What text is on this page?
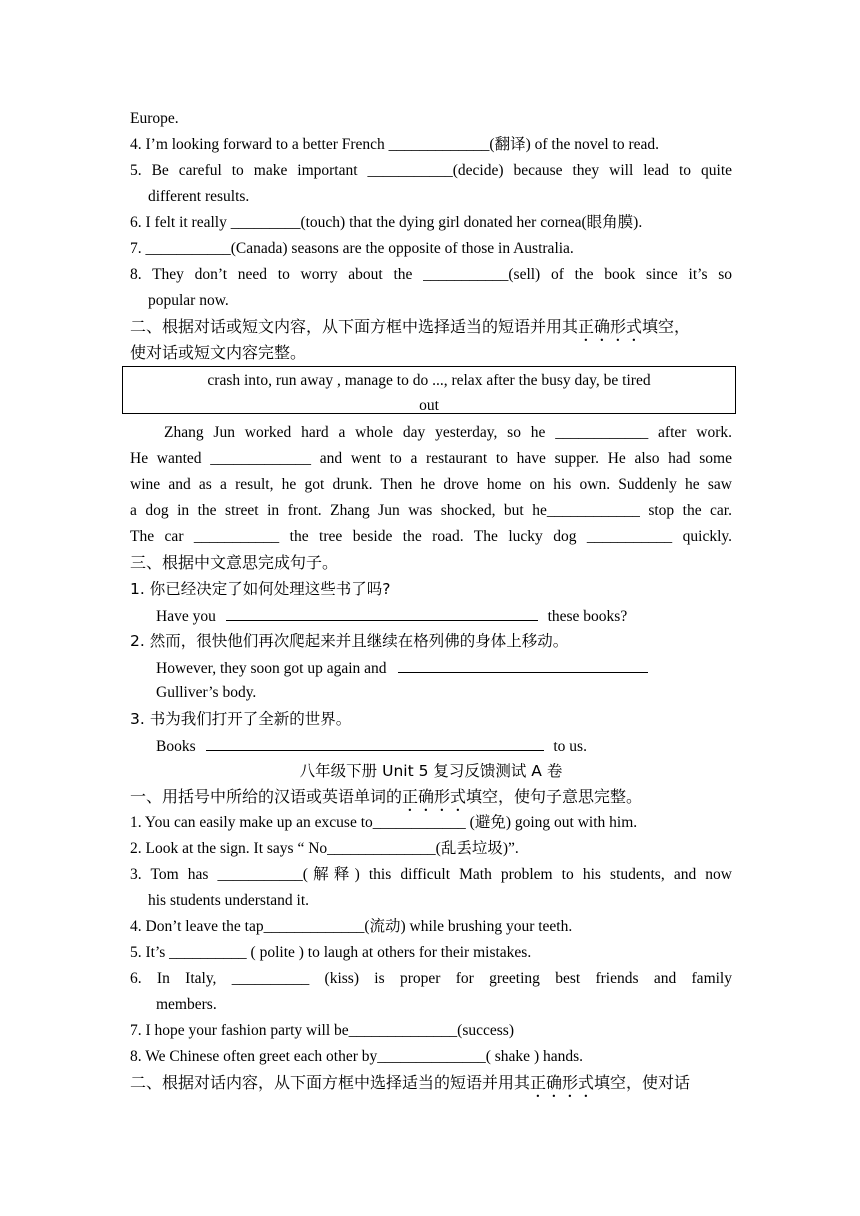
Europe.
4. I’m looking forward to a better French _____________(翻译) of the novel to read.
5. Be careful to make important ___________(decide) because they will lead to quite
different results.
6. I felt it really _________(touch) that the dying girl donated her cornea(眼角膜).
7. ___________(Canada) seasons are the opposite of those in Australia.
8. They don’t need to worry about the ___________(sell) of the book since it’s so
popular now.
二、根据对话或短文内容，从下面方框中选择适当的短语并用其正确形式填空，
使对话或短文内容完整。
crash into, run away , manage to do ..., relax after the busy day, be tired
out
Zhang Jun worked hard a whole day yesterday, so he ____________ after work.
He wanted _____________ and went to a restaurant to have supper. He also had some
wine and as a result, he got drunk. Then he drove home on his own. Suddenly he saw
a dog in the street in front. Zhang Jun was shocked, but he____________ stop the car.
The car ___________ the tree beside the road. The lucky dog ___________ quickly.
三、根据中文意思完成句子。
1. 你已经决定了如何处理这些书了吗?
Have you	these books?
2. 然而，很快他们再次爬起来并且继续在格列佛的身体上移动。
However, they soon got up again and
Gulliver’s body.
3. 书为我们打开了全新的世界。
Books	to us.
八年级下册 Unit 5 复习反馈测试 A 卷
一、用括号中所给的汉语或英语单词的正确形式填空，使句子意思完整。
1. You can easily make up an excuse to____________ (避免) going out with him.
2. Look at the sign. It says “ No______________(乱丢垃圾)”.
3. Tom has ___________(解释) this difficult Math problem to his students, and now
his students understand it.
4. Don’t leave the tap_____________(流动) while brushing your teeth.
5. It’s __________ ( polite ) to laugh at others for their mistakes.
6. In Italy, __________ (kiss) is proper for greeting best friends and family
members.
7. I hope your fashion party will be______________(success)
8. We Chinese often greet each other by______________( shake ) hands.
二、根据对话内容，从下面方框中选择适当的短语并用其正确形式填空，使对话
